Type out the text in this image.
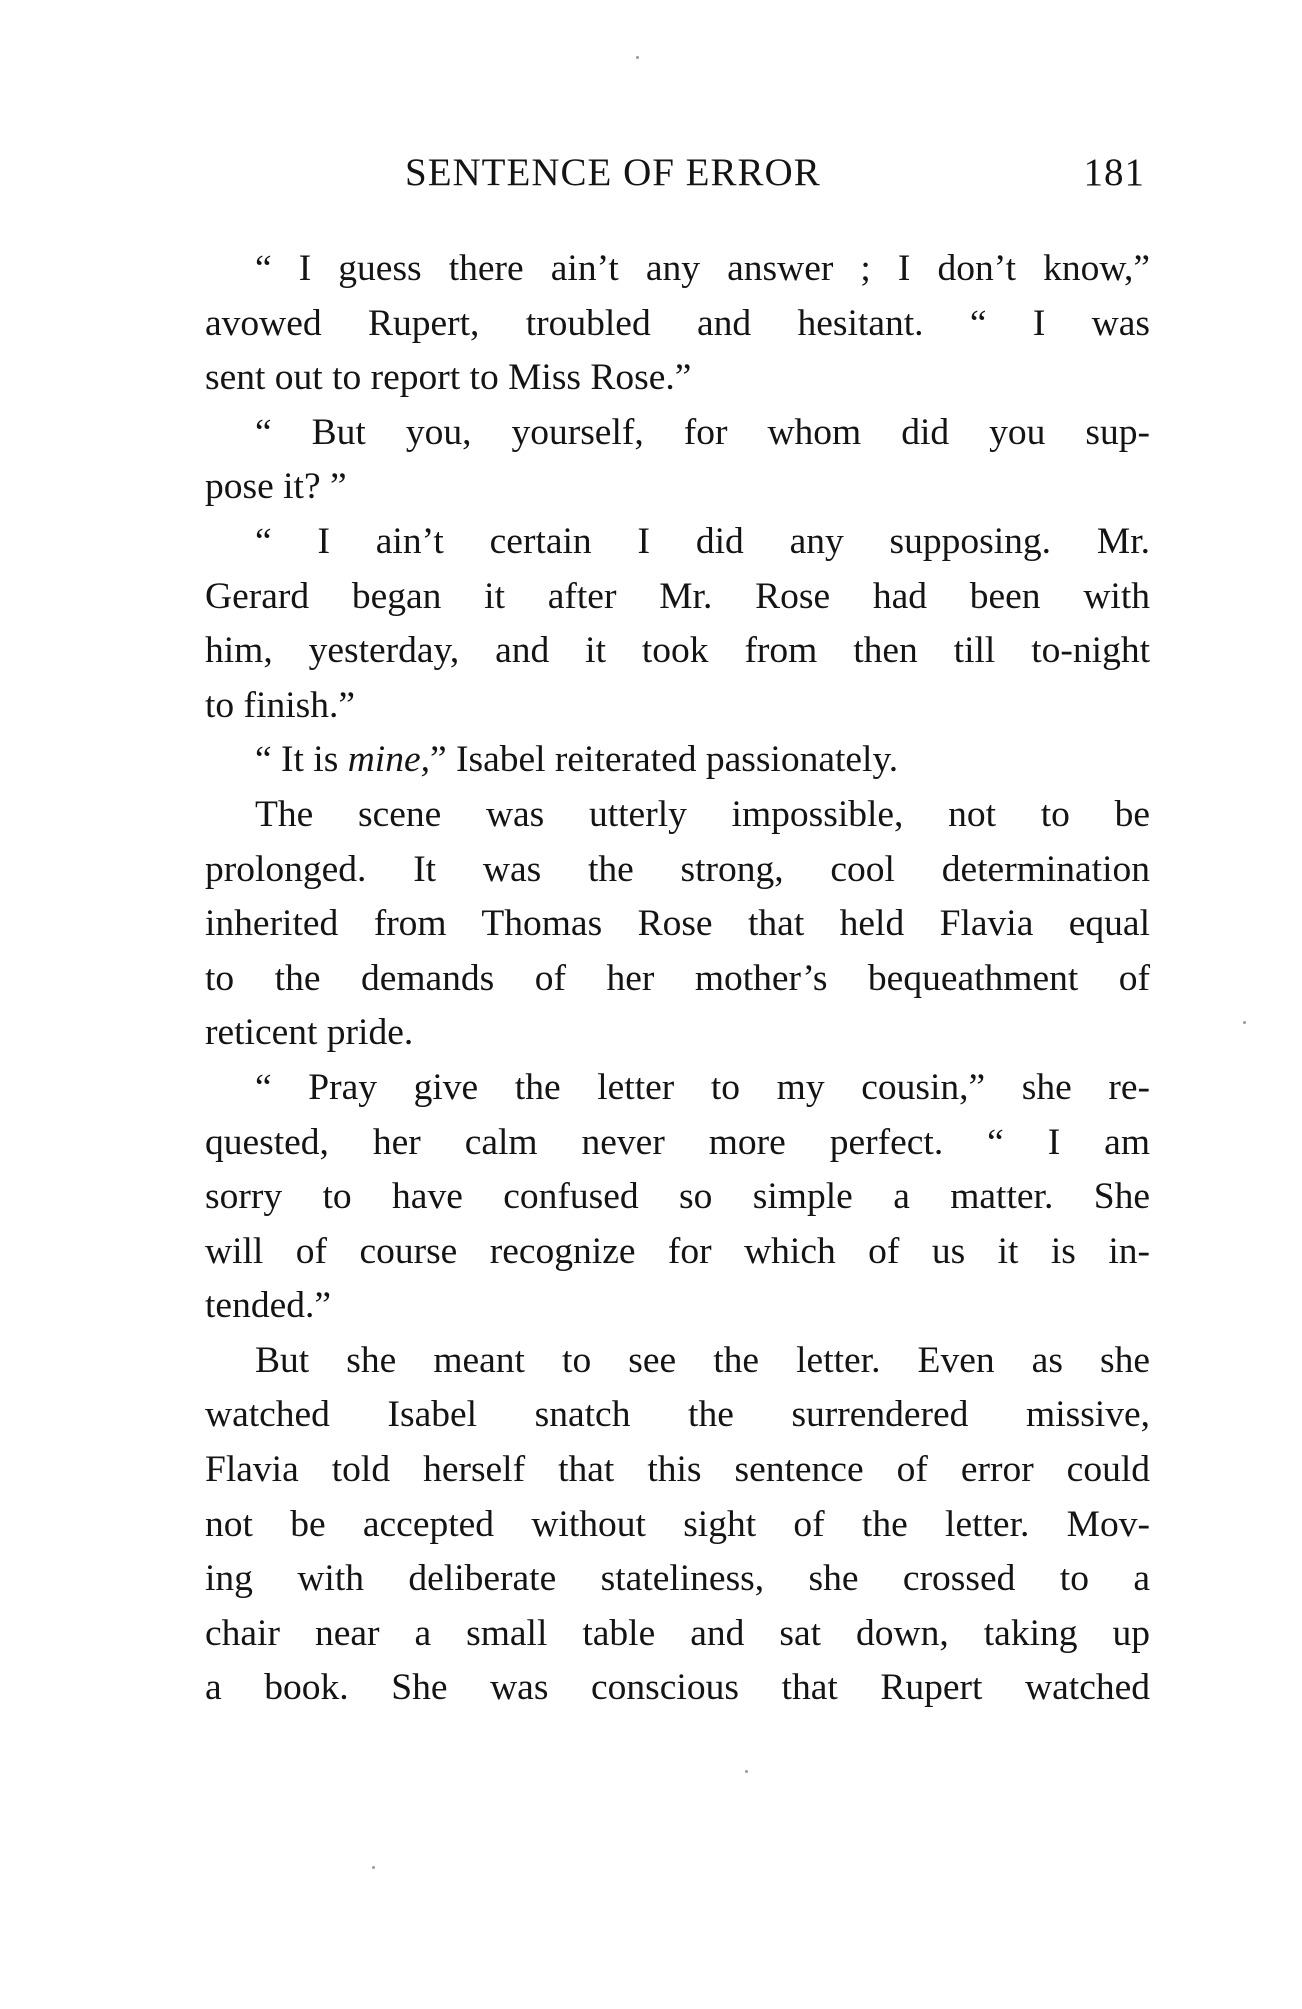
SENTENCE OF ERROR	181
“ I guess there ain’t any answer ; I don’t know,”
avowed Rupert, troubled and hesitant. “ I was
sent out to report to Miss Rose.”
“ But you, yourself, for whom did you sup-
pose it? ”
“ I ain’t certain I did any supposing. Mr.
Gerard began it after Mr. Rose had been with
him, yesterday, and it took from then till to-night
to finish.”
“ It is mine,” Isabel reiterated passionately.
The scene was utterly impossible, not to be
prolonged. It was the strong, cool determination
inherited from Thomas Rose that held Flavia equal
to the demands of her mother’s bequeathment of
reticent pride.
“ Pray give the letter to my cousin,” she re-
quested, her calm never more perfect. “ I am
sorry to have confused so simple a matter. She
will of course recognize for which of us it is in-
tended.”
But she meant to see the letter. Even as she
watched Isabel snatch the surrendered missive,
Flavia told herself that this sentence of error could
not be accepted without sight of the letter. Mov-
ing with deliberate stateliness, she crossed to a
chair near a small table and sat down, taking up
a book. She was conscious that Rupert watched
